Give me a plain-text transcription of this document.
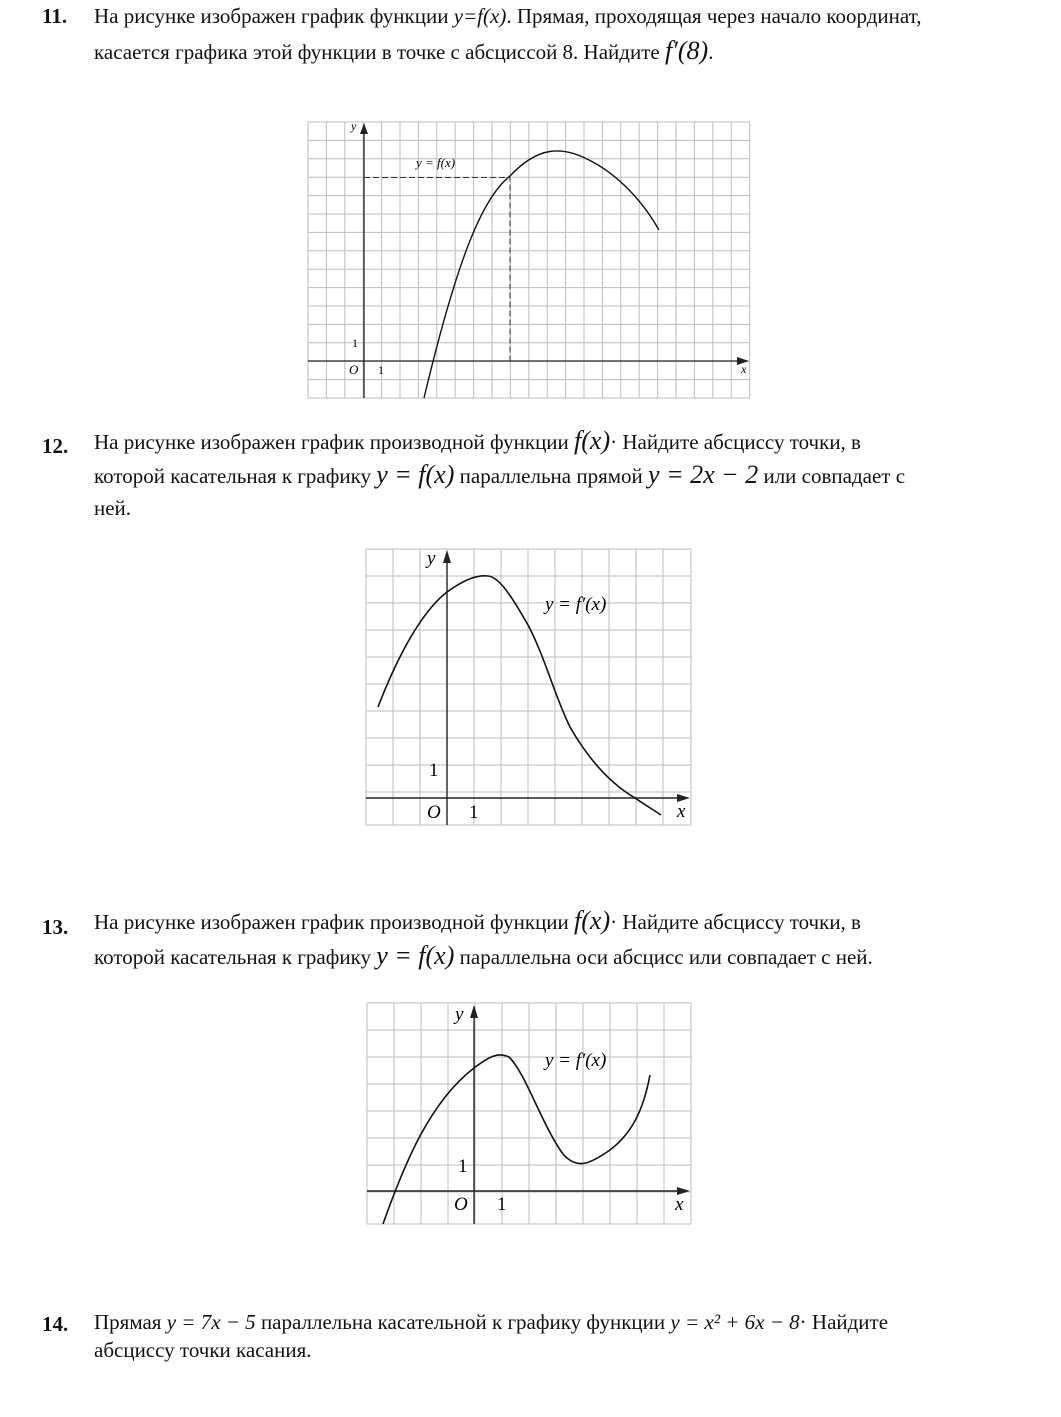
11. На рисунке изображен график функции y=f(x). Прямая, проходящая через начало координат,
касается графика этой функции в точке с абсциссой 8. Найдите f′(8).
y
x
O 1
1
y = f(x)
12. На рисунке изображен график производной функции f(x)· Найдите абсциссу точки, в
которой касательная к графику y = f(x) параллельна прямой y = 2x − 2 или совпадает с
ней.
y
x
O 1
1
y = f′(x)
13. На рисунке изображен график производной функции f(x)· Найдите абсциссу точки, в
которой касательная к графику y = f(x) параллельна оси абсцисс или совпадает с ней.
y
x
O 1
1
y = f′(x)
14. Прямая y = 7x − 5 параллельна касательной к графику функции y = x² + 6x − 8· Найдите
абсциссу точки касания.
